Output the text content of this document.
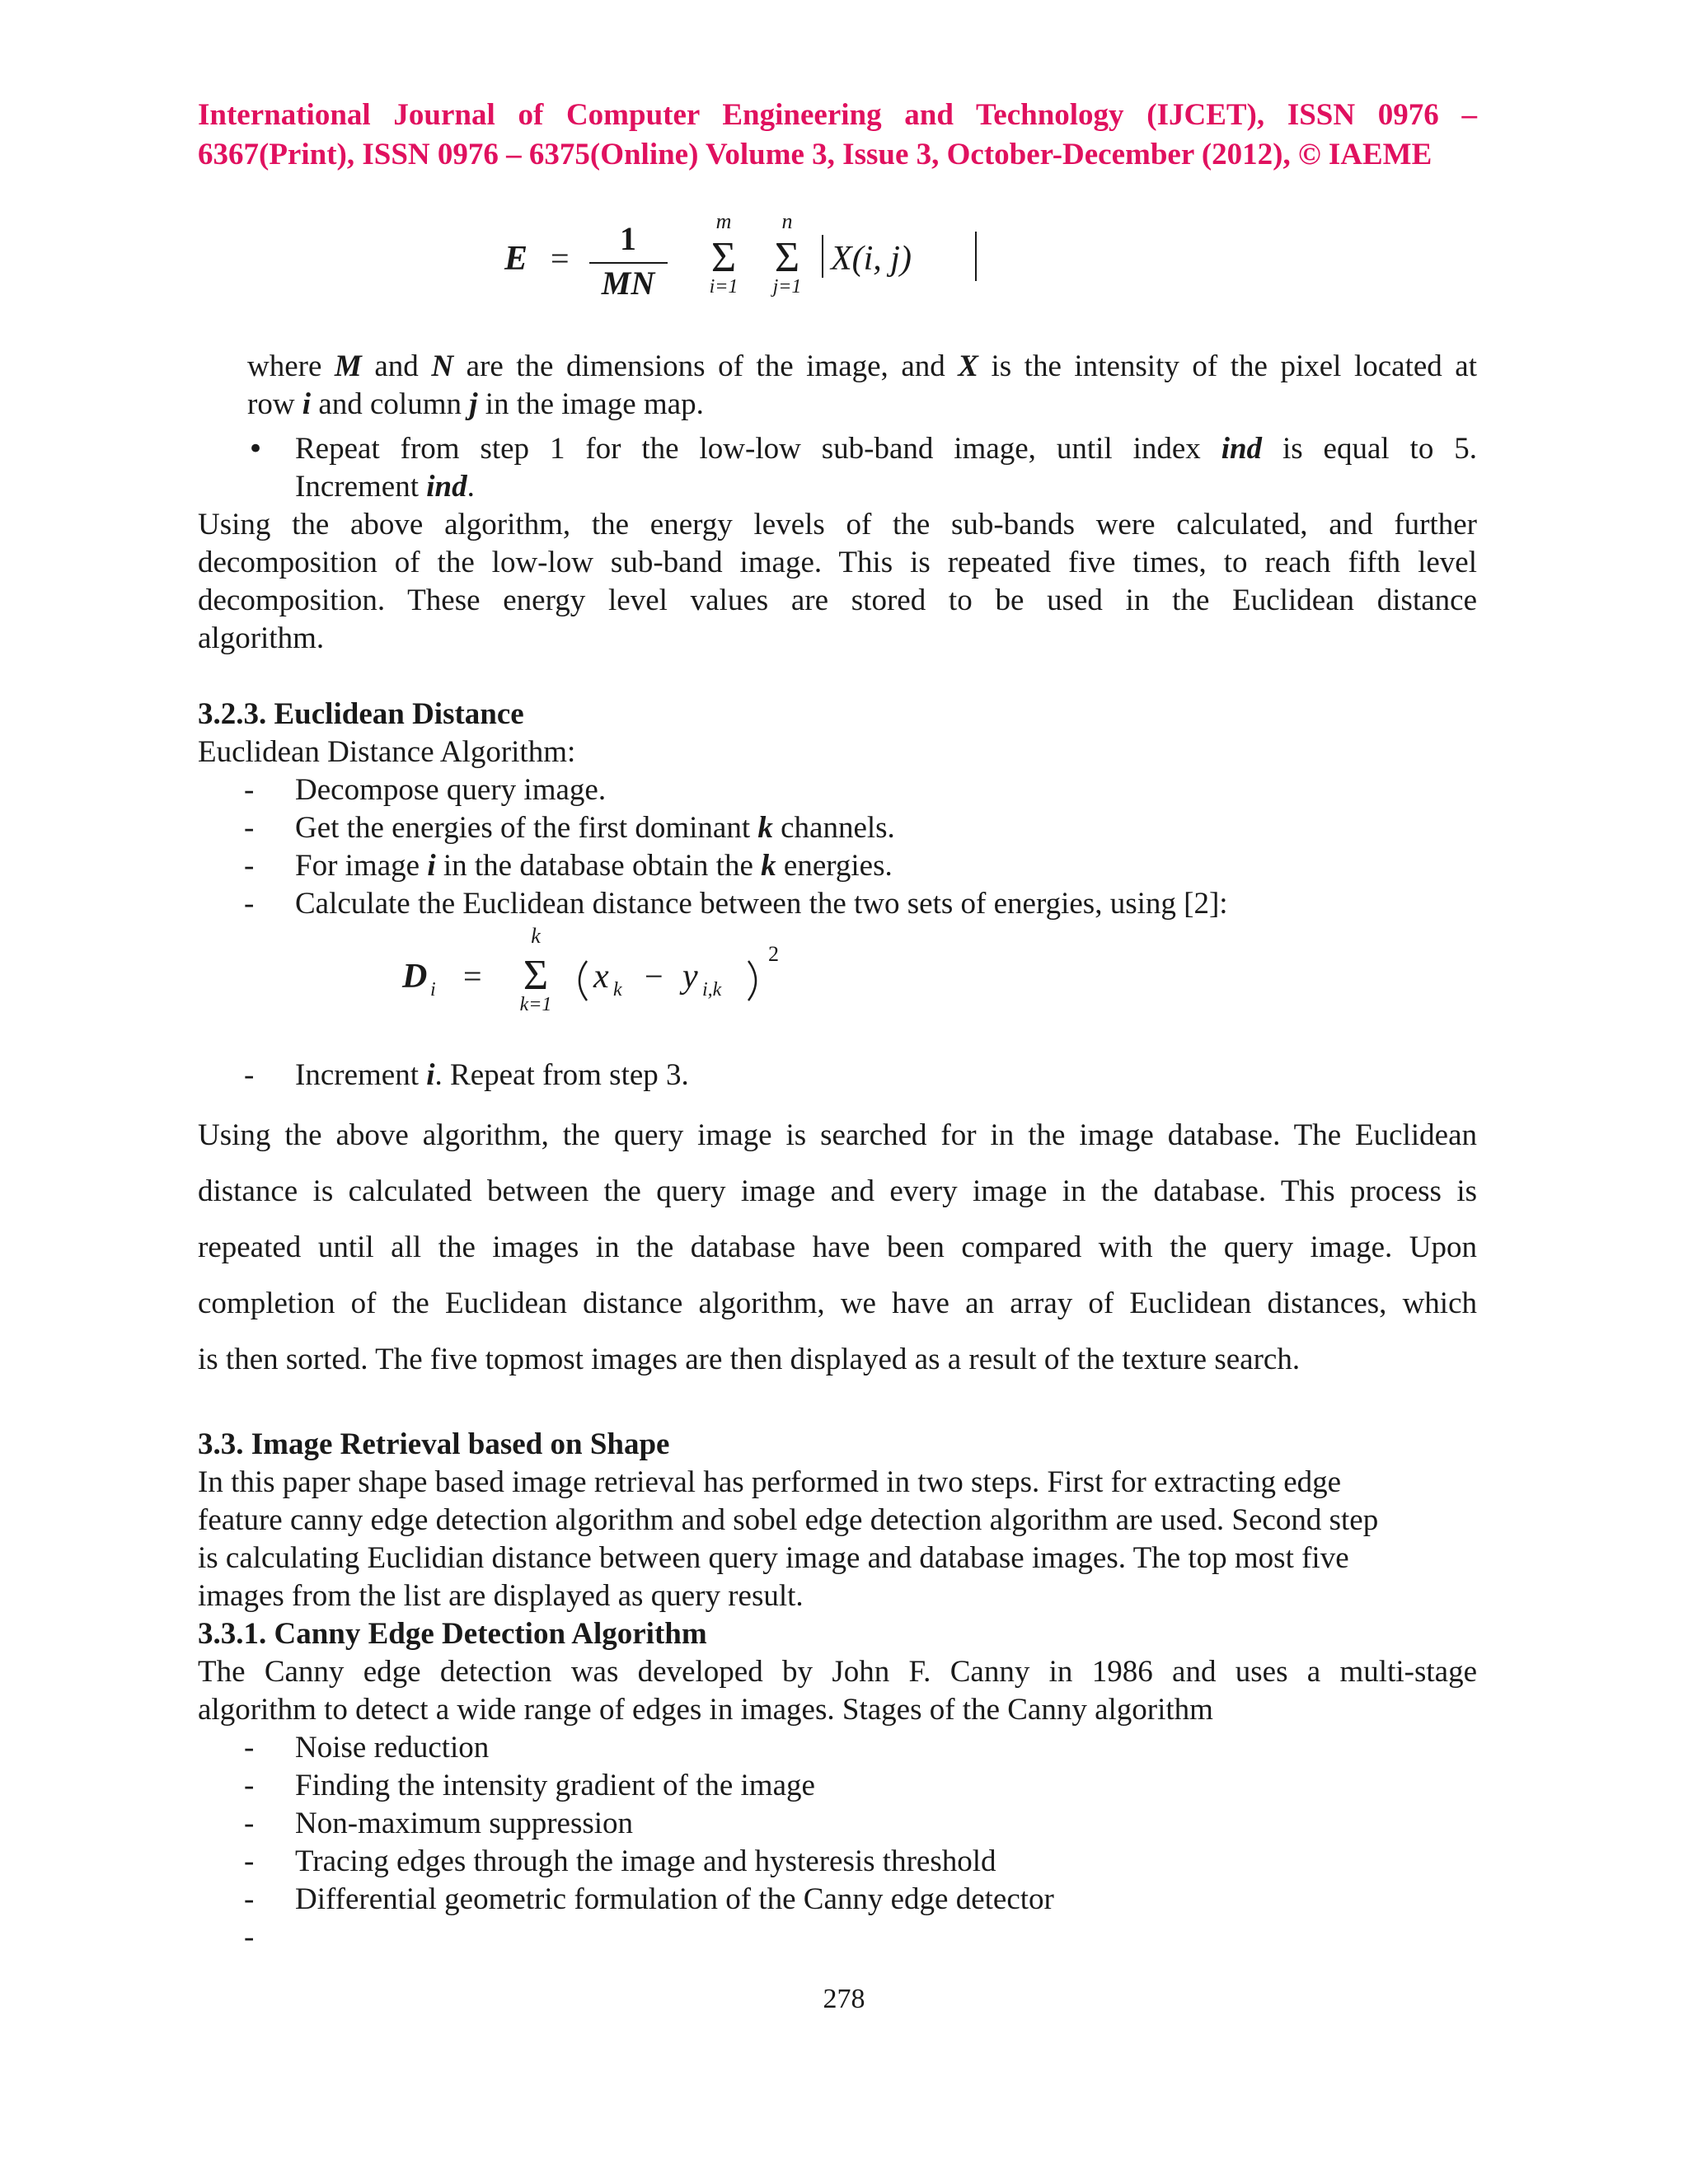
International Journal of Computer Engineering and Technology (IJCET), ISSN 0976 –
6367(Print), ISSN 0976 – 6375(Online) Volume 3, Issue 3, October-December (2012), © IAEME
E =
1
MN
m
Σ
i=1
n
Σ
j=1
X(i, j)
where M and N are the dimensions of the image, and X is the intensity of the pixel located at
row i and column j in the image map.
• Repeat from step 1 for the low-low sub-band image, until index ind is equal to 5.
Increment ind.
Using the above algorithm, the energy levels of the sub-bands were calculated, and further
decomposition of the low-low sub-band image. This is repeated five times, to reach fifth level
decomposition. These energy level values are stored to be used in the Euclidean distance
algorithm.
3.2.3. Euclidean Distance
Euclidean Distance Algorithm:
- Decompose query image.
- Get the energies of the first dominant k channels.
- For image i in the database obtain the k energies.
- Calculate the Euclidean distance between the two sets of energies, using [2]:
D i =
k
Σ
k=1
x k − y i,k
2
- Increment i. Repeat from step 3.
Using the above algorithm, the query image is searched for in the image database. The Euclidean
distance is calculated between the query image and every image in the database. This process is
repeated until all the images in the database have been compared with the query image. Upon
completion of the Euclidean distance algorithm, we have an array of Euclidean distances, which
is then sorted. The five topmost images are then displayed as a result of the texture search.
3.3. Image Retrieval based on Shape
In this paper shape based image retrieval has performed in two steps. First for extracting edge
feature canny edge detection algorithm and sobel edge detection algorithm are used. Second step
is calculating Euclidian distance between query image and database images. The top most five
images from the list are displayed as query result.
3.3.1. Canny Edge Detection Algorithm
The Canny edge detection was developed by John F. Canny in 1986 and uses a multi-stage
algorithm to detect a wide range of edges in images. Stages of the Canny algorithm
- Noise reduction
- Finding the intensity gradient of the image
- Non-maximum suppression
- Tracing edges through the image and hysteresis threshold
- Differential geometric formulation of the Canny edge detector
-
278
